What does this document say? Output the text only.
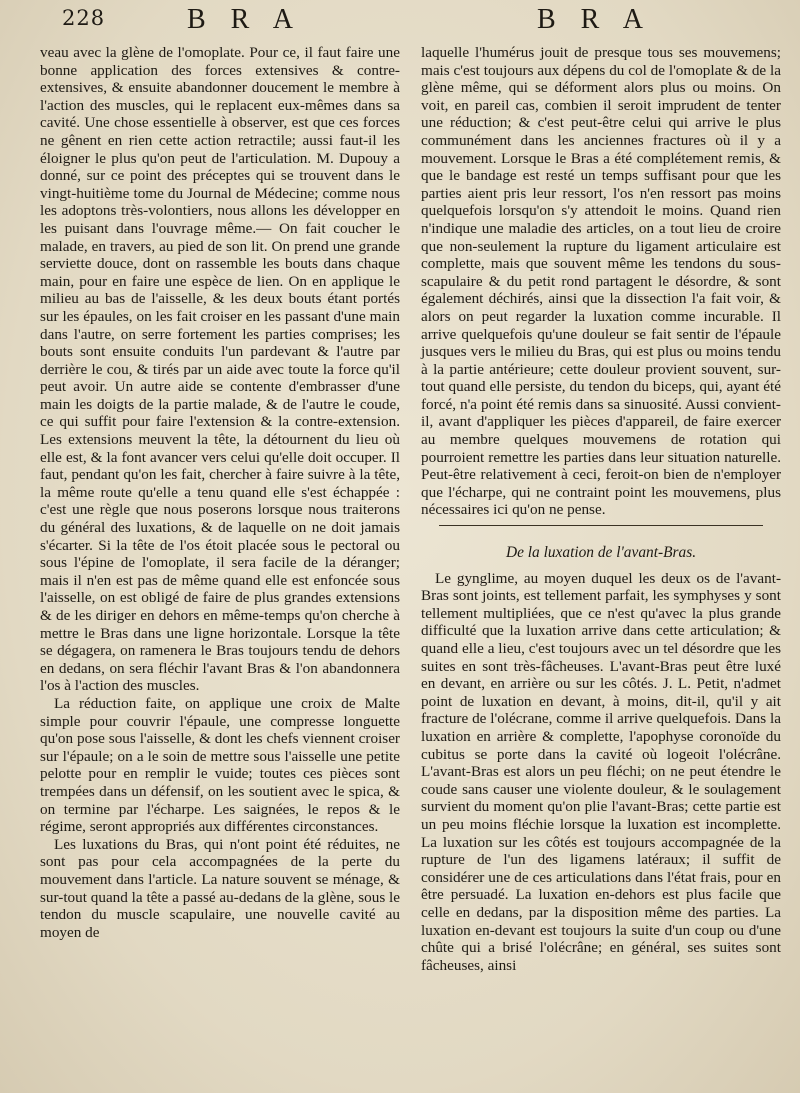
228	B R A	B R A

veau avec la glène de l'omoplate. Pour ce, il faut faire une bonne application des forces extensives & contre-extensives, & ensuite abandonner doucement le membre à l'action des muscles, qui le replacent eux-mêmes dans sa cavité. Une chose essentielle à observer, est que ces forces ne gênent en rien cette action retractile; aussi faut-il les éloigner le plus qu'on peut de l'articulation. M. Dupouy a donné, sur ce point des préceptes qui se trouvent dans le vingt-huitième tome du Journal de Médecine; comme nous les adoptons très-volontiers, nous allons les développer en les puisant dans l'ouvrage même.— On fait coucher le malade, en travers, au pied de son lit. On prend une grande serviette douce, dont on rassemble les bouts dans chaque main, pour en faire une espèce de lien. On en applique le milieu au bas de l'aisselle, & les deux bouts étant portés sur les épaules, on les fait croiser en les passant d'une main dans l'autre, on serre fortement les parties comprises; les bouts sont ensuite conduits l'un pardevant & l'autre par derrière le cou, & tirés par un aide avec toute la force qu'il peut avoir. Un autre aide se contente d'embrasser d'une main les doigts de la partie malade, & de l'autre le coude, ce qui suffit pour faire l'extension & la contre-extension. Les extensions meuvent la tête, la détournent du lieu où elle est, & la font avancer vers celui qu'elle doit occuper. Il faut, pendant qu'on les fait, chercher à faire suivre à la tête, la même route qu'elle a tenu quand elle s'est échappée : c'est une règle que nous poserons lorsque nous traiterons du général des luxations, & de laquelle on ne doit jamais s'écarter. Si la tête de l'os étoit placée sous le pectoral ou sous l'épine de l'omoplate, il sera facile de la déranger; mais il n'en est pas de même quand elle est enfoncée sous l'aisselle, on est obligé de faire de plus grandes extensions & de les diriger en dehors en même-temps qu'on cherche à mettre le Bras dans une ligne horizontale. Lorsque la tête se dégagera, on ramenera le Bras toujours tendu de dehors en dedans, on sera fléchir l'avant Bras & l'on abandonnera l'os à l'action des muscles.

La réduction faite, on applique une croix de Malte simple pour couvrir l'épaule, une compresse longuette qu'on pose sous l'aisselle, & dont les chefs viennent croiser sur l'épaule; on a le soin de mettre sous l'aisselle une petite pelotte pour en remplir le vuide; toutes ces pièces sont trempées dans un défensif, on les soutient avec le spica, & on termine par l'écharpe. Les saignées, le repos & le régime, seront appropriés aux différentes circonstances.

Les luxations du Bras, qui n'ont point été réduites, ne sont pas pour cela accompagnées de la perte du mouvement dans l'article. La nature souvent se ménage, & sur-tout quand la tête a passé au-dedans de la glène, sous le tendon du muscle scapulaire, une nouvelle cavité au moyen de

laquelle l'humérus jouit de presque tous ses mouvemens; mais c'est toujours aux dépens du col de l'omoplate & de la glène même, qui se déforment alors plus ou moins. On voit, en pareil cas, combien il seroit imprudent de tenter une réduction; & c'est peut-être celui qui arrive le plus communément dans les anciennes fractures où il y a mouvement. Lorsque le Bras a été complétement remis, & que le bandage est resté un temps suffisant pour que les parties aient pris leur ressort, l'os n'en ressort pas moins quelquefois lorsqu'on s'y attendoit le moins. Quand rien n'indique une maladie des articles, on a tout lieu de croire que non-seulement la rupture du ligament articulaire est complette, mais que souvent même les tendons du sous-scapulaire & du petit rond partagent le désordre, & sont également déchirés, ainsi que la dissection l'a fait voir, & alors on peut regarder la luxation comme incurable. Il arrive quelquefois qu'une douleur se fait sentir de l'épaule jusques vers le milieu du Bras, qui est plus ou moins tendu à la partie antérieure; cette douleur provient souvent, sur-tout quand elle persiste, du tendon du biceps, qui, ayant été forcé, n'a point été remis dans sa sinuosité. Aussi convient-il, avant d'appliquer les pièces d'appareil, de faire exercer au membre quelques mouvemens de rotation qui pourroient remettre les parties dans leur situation naturelle. Peut-être relativement à ceci, feroit-on bien de n'employer que l'écharpe, qui ne contraint point les mouvemens, plus nécessaires ici qu'on ne pense.

De la luxation de l'avant-Bras.

Le gynglime, au moyen duquel les deux os de l'avant-Bras sont joints, est tellement parfait, les symphyses y sont tellement multipliées, que ce n'est qu'avec la plus grande difficulté que la luxation arrive dans cette articulation; & quand elle a lieu, c'est toujours avec un tel désordre que les suites en sont très-fâcheuses. L'avant-Bras peut être luxé en devant, en arrière ou sur les côtés. J. L. Petit, n'admet point de luxation en devant, à moins, dit-il, qu'il y ait fracture de l'olécrane, comme il arrive quelquefois. Dans la luxation en arrière & complette, l'apophyse coronoïde du cubitus se porte dans la cavité où logeoit l'olécrâne. L'avant-Bras est alors un peu fléchi; on ne peut étendre le coude sans causer une violente douleur, & le soulagement survient du moment qu'on plie l'avant-Bras; cette partie est un peu moins fléchie lorsque la luxation est incomplette. La luxation sur les côtés est toujours accompagnée de la rupture de l'un des ligamens latéraux; il suffit de considérer une de ces articulations dans l'état frais, pour en être persuadé. La luxation en-dehors est plus facile que celle en dedans, par la disposition même des parties. La luxation en-devant est toujours la suite d'un coup ou d'une chûte qui a brisé l'olécrâne; en général, ses suites sont fâcheuses, ainsi
